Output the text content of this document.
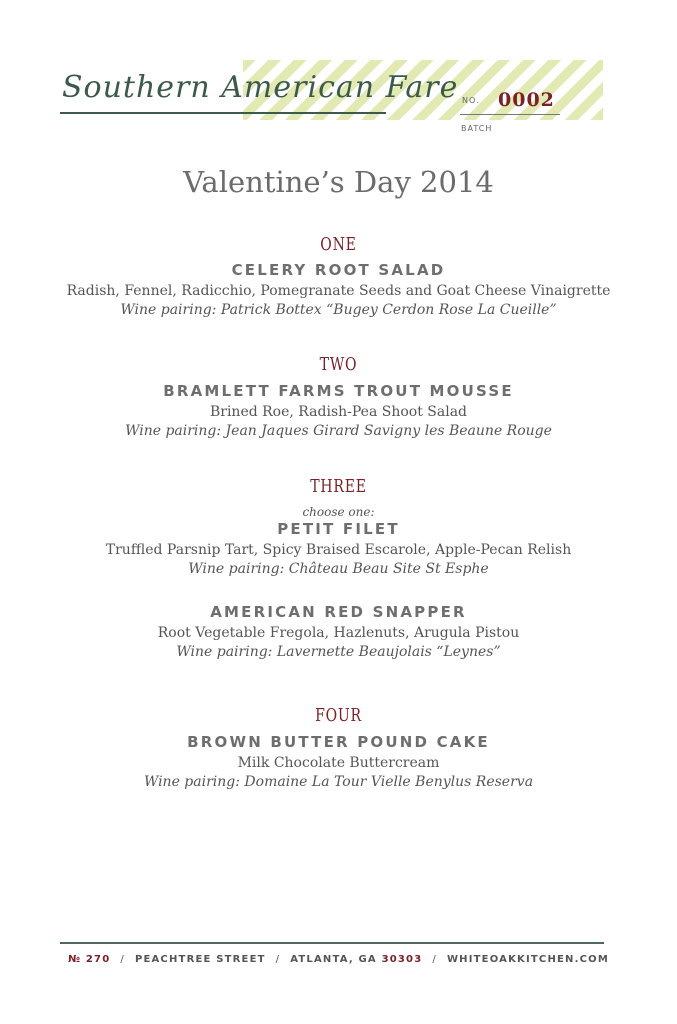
Southern American Fare NO. 0002
BATCH
Valentine’s Day 2014
ONE
CELERY ROOT SALAD
Radish, Fennel, Radicchio, Pomegranate Seeds and Goat Cheese Vinaigrette
Wine pairing: Patrick Bottex “Bugey Cerdon Rose La Cueille”
TWO
BRAMLETT FARMS TROUT MOUSSE
Brined Roe, Radish-Pea Shoot Salad
Wine pairing: Jean Jaques Girard Savigny les Beaune Rouge
THREE
choose one:
PETIT FILET
Truffled Parsnip Tart, Spicy Braised Escarole, Apple-Pecan Relish
Wine pairing: Château Beau Site St Esphe
AMERICAN RED SNAPPER
Root Vegetable Fregola, Hazlenuts, Arugula Pistou
Wine pairing: Lavernette Beaujolais “Leynes”
FOUR
BROWN BUTTER POUND CAKE
Milk Chocolate Buttercream
Wine pairing: Domaine La Tour Vielle Benylus Reserva
№ 270 / PEACHTREE STREET / ATLANTA, GA 30303 / WHITEOAKKITCHEN.COM
